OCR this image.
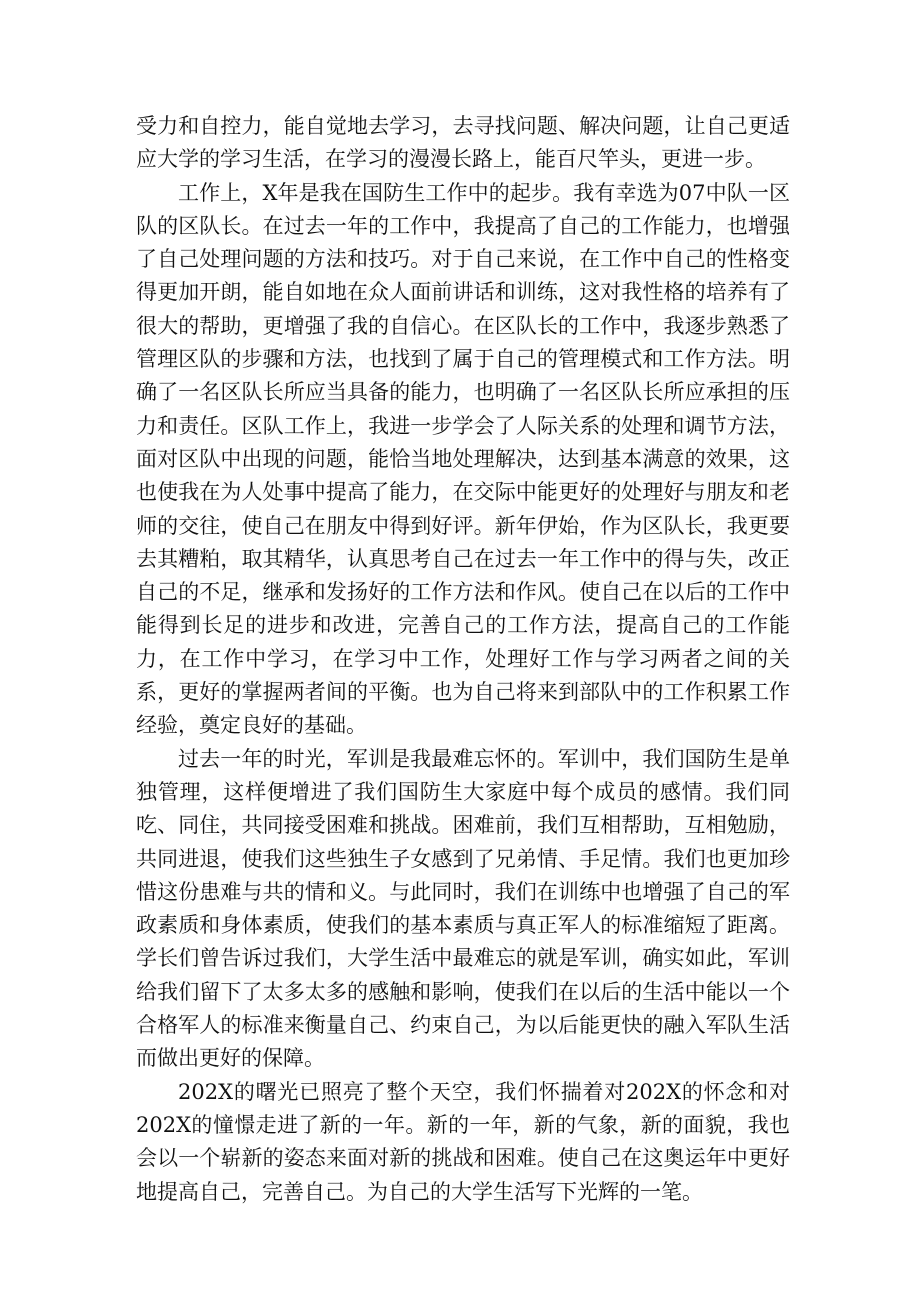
受力和自控力，能自觉地去学习，去寻找问题、解决问题，让自己更适应大学的学习生活，在学习的漫漫长路上，能百尺竿头，更进一步。

工作上，X年是我在国防生工作中的起步。我有幸选为07中队一区队的区队长。在过去一年的工作中，我提高了自己的工作能力，也增强了自己处理问题的方法和技巧。对于自己来说，在工作中自己的性格变得更加开朗，能自如地在众人面前讲话和训练，这对我性格的培养有了很大的帮助，更增强了我的自信心。在区队长的工作中，我逐步熟悉了管理区队的步骤和方法，也找到了属于自己的管理模式和工作方法。明确了一名区队长所应当具备的能力，也明确了一名区队长所应承担的压力和责任。区队工作上，我进一步学会了人际关系的处理和调节方法，面对区队中出现的问题，能恰当地处理解决，达到基本满意的效果，这也使我在为人处事中提高了能力，在交际中能更好的处理好与朋友和老师的交往，使自己在朋友中得到好评。新年伊始，作为区队长，我更要去其糟粕，取其精华，认真思考自己在过去一年工作中的得与失，改正自己的不足，继承和发扬好的工作方法和作风。使自己在以后的工作中能得到长足的进步和改进，完善自己的工作方法，提高自己的工作能力，在工作中学习，在学习中工作，处理好工作与学习两者之间的关系，更好的掌握两者间的平衡。也为自己将来到部队中的工作积累工作经验，奠定良好的基础。

过去一年的时光，军训是我最难忘怀的。军训中，我们国防生是单独管理，这样便增进了我们国防生大家庭中每个成员的感情。我们同吃、同住，共同接受困难和挑战。困难前，我们互相帮助，互相勉励，共同进退，使我们这些独生子女感到了兄弟情、手足情。我们也更加珍惜这份患难与共的情和义。与此同时，我们在训练中也增强了自己的军政素质和身体素质，使我们的基本素质与真正军人的标准缩短了距离。学长们曾告诉过我们，大学生活中最难忘的就是军训，确实如此，军训给我们留下了太多太多的感触和影响，使我们在以后的生活中能以一个合格军人的标准来衡量自己、约束自己，为以后能更快的融入军队生活而做出更好的保障。

202X的曙光已照亮了整个天空，我们怀揣着对202X的怀念和对202X的憧憬走进了新的一年。新的一年，新的气象，新的面貌，我也会以一个崭新的姿态来面对新的挑战和困难。使自己在这奥运年中更好地提高自己，完善自己。为自己的大学生活写下光辉的一笔。
